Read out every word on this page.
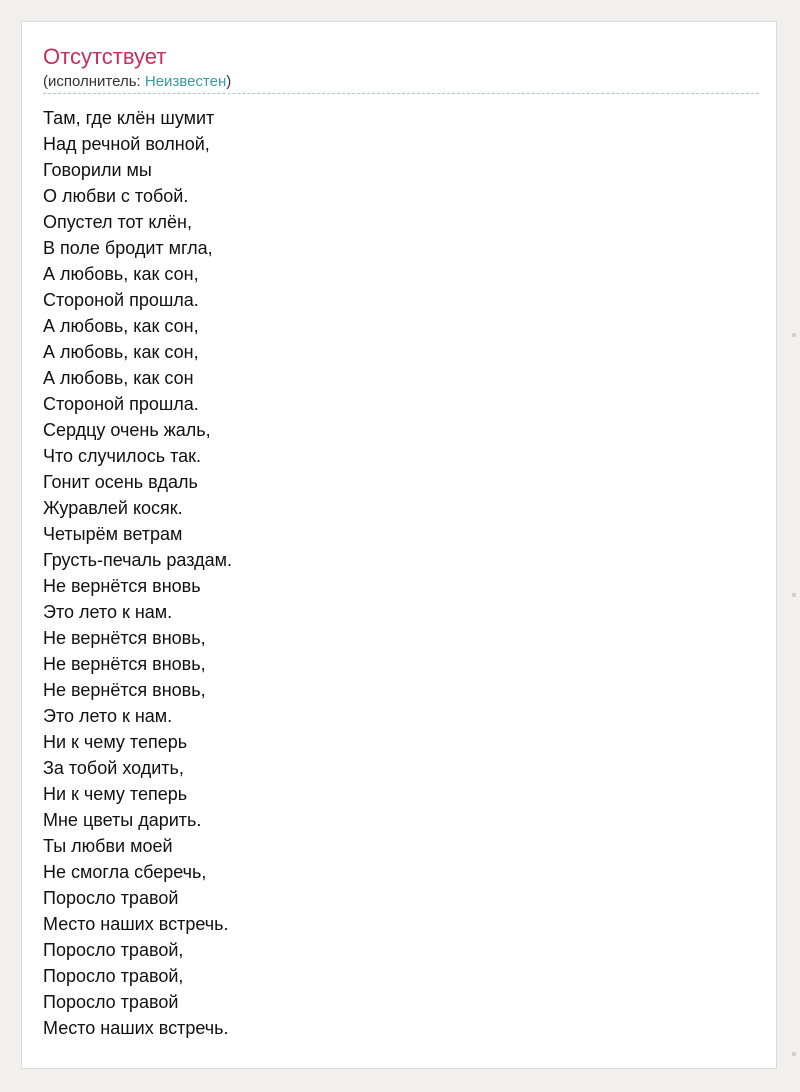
Отсутствует
(исполнитель: Неизвестен)
Там, где клён шумит
Над речной волной,
Говорили мы
О любви с тобой.
Опустел тот клён,
В поле бродит мгла,
А любовь, как сон,
Стороной прошла.
А любовь, как сон,
А любовь, как сон,
А любовь, как сон
Стороной прошла.
Сердцу очень жаль,
Что случилось так.
Гонит осень вдаль
Журавлей косяк.
Четырём ветрам
Грусть-печаль раздам.
Не вернётся вновь
Это лето к нам.
Не вернётся вновь,
Не вернётся вновь,
Не вернётся вновь,
Это лето к нам.
Ни к чему теперь
За тобой ходить,
Ни к чему теперь
Мне цветы дарить.
Ты любви моей
Не смогла сберечь,
Поросло травой
Место наших встречь.
Поросло травой,
Поросло травой,
Поросло травой
Место наших встречь.
